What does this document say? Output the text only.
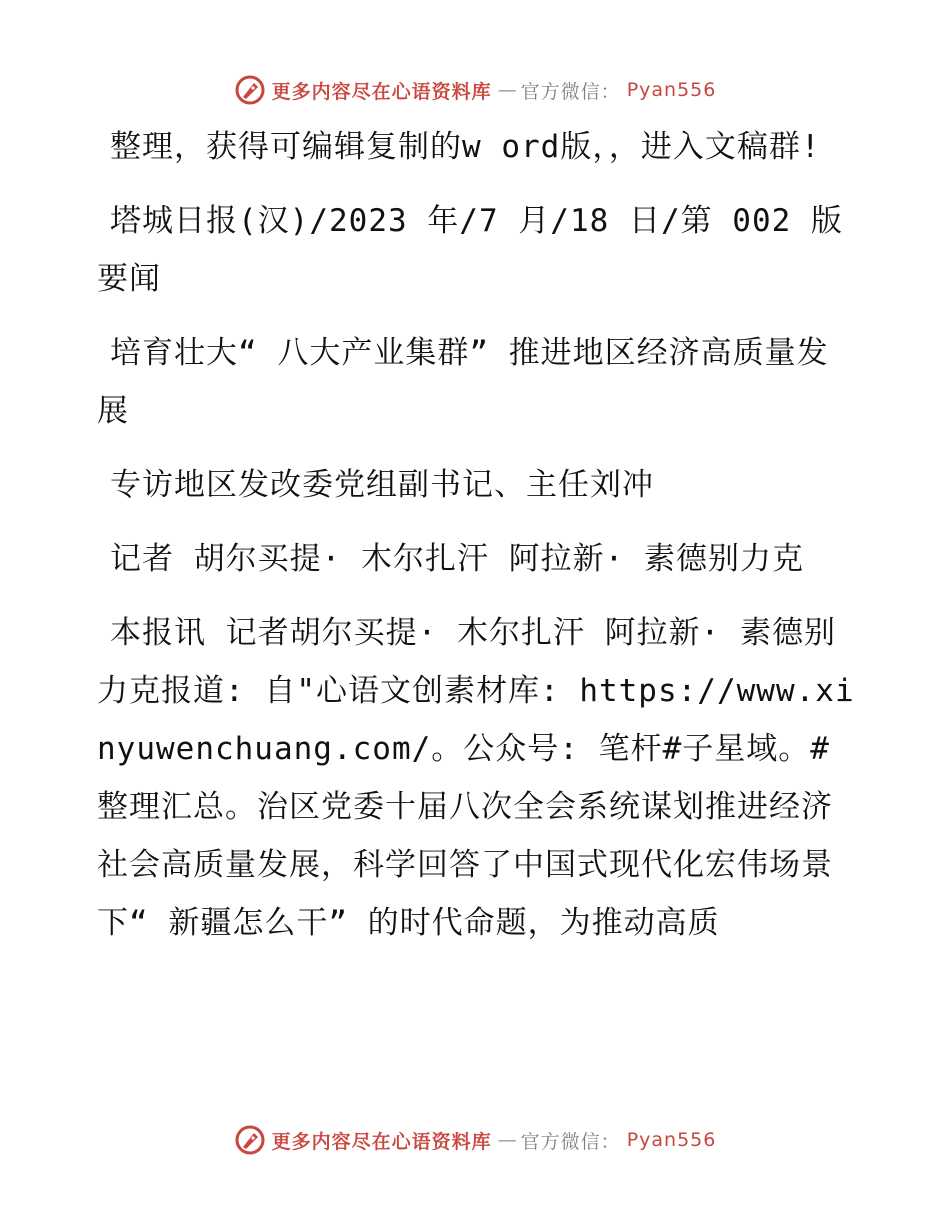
更多内容尽在心语资料库 — 官方微信： Pyan556

整理，获得可编辑复制的w ord版，，进入文稿群!

塔城日报(汉)/2023 年/7 月/18 日/第 002 版要闻

培育壮大“ 八大产业集群” 推进地区经济高质量发展

专访地区发改委党组副书记、主任刘冲

记者 胡尔买提· 木尔扎汗 阿拉新· 素德别力克

本报讯 记者胡尔买提· 木尔扎汗 阿拉新· 素德别力克报道: 自"心语文创素材库: https://www.xinyuwenchuang.com/。公众号: 笔杆#子星域。#整理汇总。治区党委十届八次全会系统谋划推进经济社会高质量发展，科学回答了中国式现代化宏伟场景下“ 新疆怎么干” 的时代命题，为推动高质

更多内容尽在心语资料库 — 官方微信： Pyan556
